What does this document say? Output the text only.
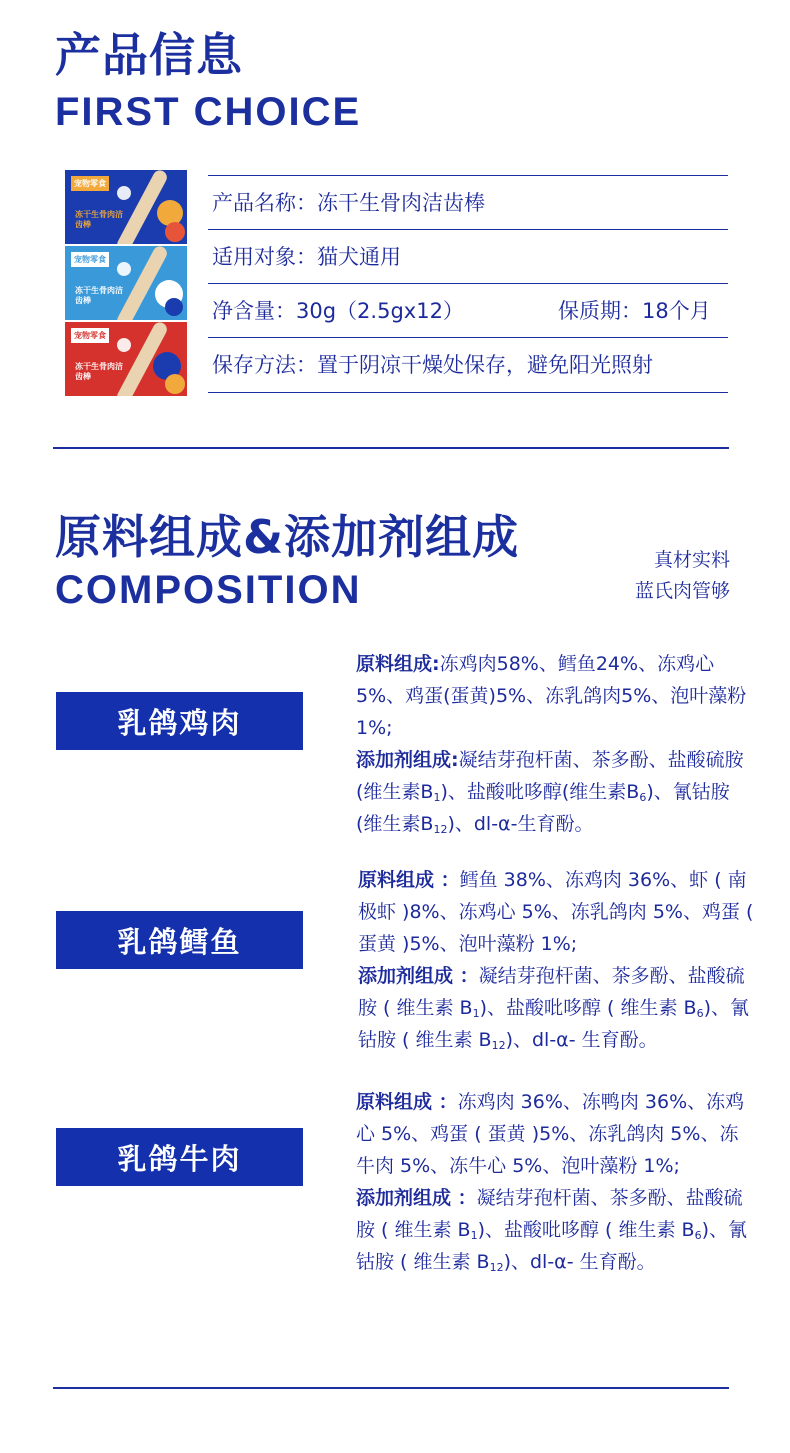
产品信息
FIRST CHOICE
宠物零食
冻干生骨肉洁齿棒
宠物零食
冻干生骨肉洁齿棒
宠物零食
冻干生骨肉洁齿棒
产品名称：冻干生骨肉洁齿棒
适用对象：猫犬通用
净含量：30g（2.5gx12）	保质期：18个月
保存方法：置于阴凉干燥处保存，避免阳光照射
原料组成&添加剂组成
COMPOSITION
真材实料
蓝氏肉管够
乳鸽鸡肉
原料组成:冻鸡肉58%、鳕鱼24%、冻鸡心5%、鸡蛋(蛋黄)5%、冻乳鸽肉5%、泡叶藻粉1%;
添加剂组成:凝结芽孢杆菌、茶多酚、盐酸硫胺(维生素$B_1$)、盐酸吡哆醇(维生素$B_6$)、氰钴胺(维生素$B_{12}$)、dl-α-生育酚。
乳鸽鳕鱼
原料组成 ：鳕鱼 38%、冻鸡肉 36%、虾 ( 南极虾 )8%、冻鸡心 5%、冻乳鸽肉 5%、鸡蛋 ( 蛋黄 )5%、泡叶藻粉 1%;
添加剂组成 ：凝结芽孢杆菌、茶多酚、盐酸硫胺 ( 维生素 $B_1$)、盐酸吡哆醇 ( 维生素 $B_6$)、氰钴胺 ( 维生素 $B_{12}$)、dl-α- 生育酚。
乳鸽牛肉
原料组成 ：冻鸡肉 36%、冻鸭肉 36%、冻鸡心 5%、鸡蛋 ( 蛋黄 )5%、冻乳鸽肉 5%、冻牛肉 5%、冻牛心 5%、泡叶藻粉 1%;
添加剂组成 ：凝结芽孢杆菌、茶多酚、盐酸硫胺 ( 维生素 $B_1$)、盐酸吡哆醇 ( 维生素 $B_6$)、氰钴胺 ( 维生素 $B_{12}$)、dl-α- 生育酚。
